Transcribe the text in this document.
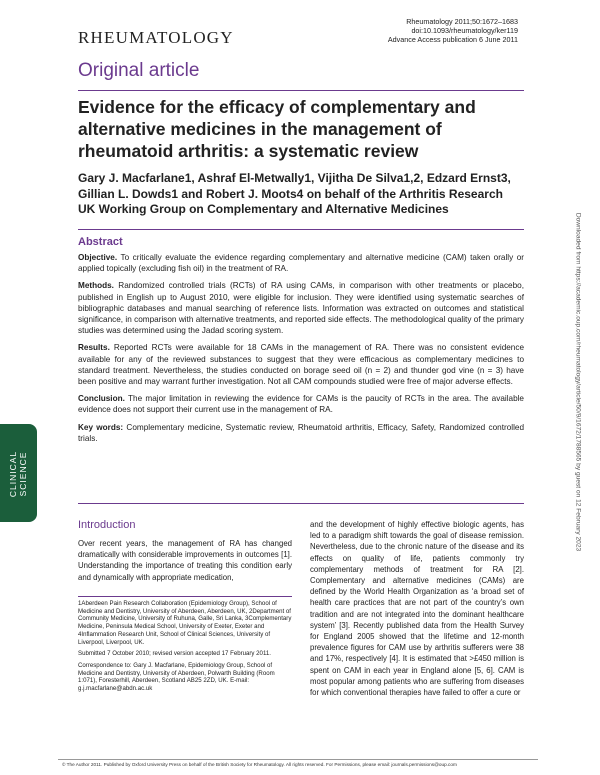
RHEUMATOLOGY
Rheumatology 2011;50:1672–1683
doi:10.1093/rheumatology/ker119
Advance Access publication 6 June 2011
Original article
Evidence for the efficacy of complementary and alternative medicines in the management of rheumatoid arthritis: a systematic review
Gary J. Macfarlane1, Ashraf El-Metwally1, Vijitha De Silva1,2, Edzard Ernst3, Gillian L. Dowds1 and Robert J. Moots4 on behalf of the Arthritis Research UK Working Group on Complementary and Alternative Medicines
Abstract

Objective. To critically evaluate the evidence regarding complementary and alternative medicine (CAM) taken orally or applied topically (excluding fish oil) in the treatment of RA.

Methods. Randomized controlled trials (RCTs) of RA using CAMs, in comparison with other treatments or placebo, published in English up to August 2010, were eligible for inclusion. They were identified using systematic searches of bibliographic databases and manual searching of reference lists. Information was extracted on outcomes and statistical significance, in comparison with alternative treatments, and reported side effects. The methodological quality of the primary studies was determined using the Jadad scoring system.

Results. Reported RCTs were available for 18 CAMs in the management of RA. There was no consistent evidence available for any of the reviewed substances to suggest that they were efficacious as complementary medicines to standard treatment. Nevertheless, the studies conducted on borage seed oil (n = 2) and thunder god vine (n = 3) have been positive and may warrant further investigation. Not all CAM compounds studied were free of major adverse effects.

Conclusion. The major limitation in reviewing the evidence for CAMs is the paucity of RCTs in the area. The available evidence does not support their current use in the management of RA.

Key words: Complementary medicine, Systematic review, Rheumatoid arthritis, Efficacy, Safety, Randomized controlled trials.

CLINICAL SCIENCE	Downloaded from https://academic.oup.com/rheumatology/article/50/9/1672/1788565 by guest on 12 February 2023
Introduction

Over recent years, the management of RA has changed dramatically with considerable improvements in outcomes [1]. Understanding the importance of treating this condition early and dynamically with appropriate medication,

1Aberdeen Pain Research Collaboration (Epidemiology Group), School of Medicine and Dentistry, University of Aberdeen, Aberdeen, UK, 2Department of Community Medicine, University of Ruhuna, Galle, Sri Lanka, 3Complementary Medicine, Peninsula Medical School, University of Exeter, Exeter and 4Inflammation Research Unit, School of Clinical Sciences, University of Liverpool, Liverpool, UK.

Submitted 7 October 2010; revised version accepted 17 February 2011.

Correspondence to: Gary J. Macfarlane, Epidemiology Group, School of Medicine and Dentistry, University of Aberdeen, Polwarth Building (Room 1:071), Foresterhill, Aberdeen, Scotland AB25 2ZD, UK. E-mail: g.j.macfarlane@abdn.ac.uk

and the development of highly effective biologic agents, has led to a paradigm shift towards the goal of disease remission. Nevertheless, due to the chronic nature of the disease and its effects on quality of life, patients commonly try complementary methods of treatment for RA [2]. Complementary and alternative medicines (CAMs) are defined by the World Health Organization as ‘a broad set of health care practices that are not part of the country’s own tradition and are not integrated into the dominant healthcare system’ [3]. Recently published data from the Health Survey for England 2005 showed that the lifetime and 12-month prevalence figures for CAM use by arthritis sufferers were 38 and 17%, respectively [4]. It is estimated that >£450 million is spent on CAM in each year in England alone [5, 6]. CAM is most popular among patients who are suffering from diseases for which conventional therapies have failed to offer a cure or

© The Author 2011. Published by Oxford University Press on behalf of the British Society for Rheumatology. All rights reserved. For Permissions, please email: journals.permissions@oup.com
